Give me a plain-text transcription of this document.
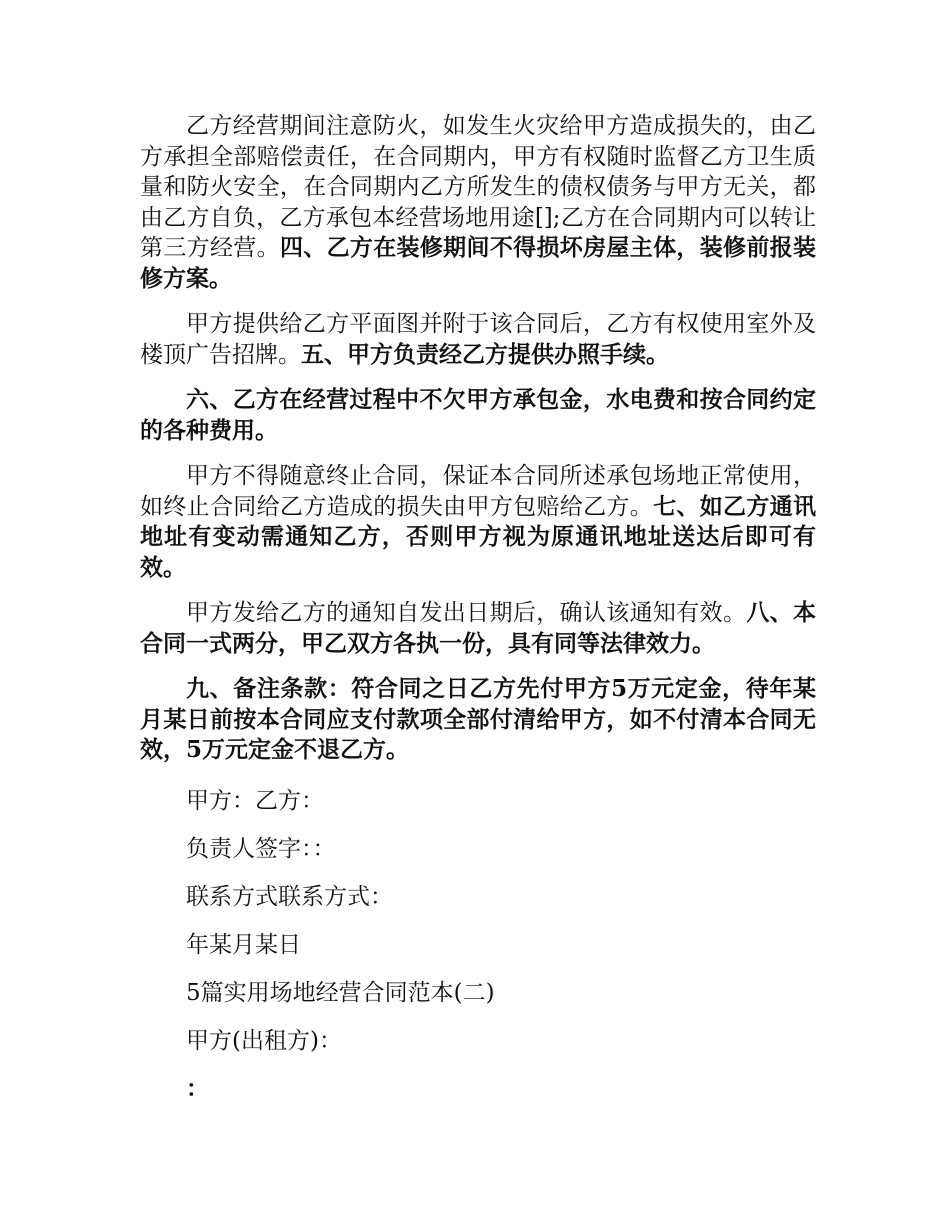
乙方经营期间注意防火，如发生火灾给甲方造成损失的，由乙方承担全部赔偿责任，在合同期内，甲方有权随时监督乙方卫生质量和防火安全，在合同期内乙方所发生的债权债务与甲方无关，都由乙方自负，乙方承包本经营场地用途[];乙方在合同期内可以转让第三方经营。四、乙方在装修期间不得损坏房屋主体，装修前报装修方案。

甲方提供给乙方平面图并附于该合同后，乙方有权使用室外及楼顶广告招牌。五、甲方负责经乙方提供办照手续。

六、乙方在经营过程中不欠甲方承包金，水电费和按合同约定的各种费用。

甲方不得随意终止合同，保证本合同所述承包场地正常使用，如终止合同给乙方造成的损失由甲方包赔给乙方。七、如乙方通讯地址有变动需通知乙方，否则甲方视为原通讯地址送达后即可有效。

甲方发给乙方的通知自发出日期后，确认该通知有效。八、本合同一式两分，甲乙双方各执一份，具有同等法律效力。

九、备注条款：符合同之日乙方先付甲方5万元定金，待年某月某日前按本合同应支付款项全部付清给甲方，如不付清本合同无效，5万元定金不退乙方。

甲方：乙方：
负责人签字：：
联系方式联系方式：
年某月某日
5篇实用场地经营合同范本(二)
甲方(出租方)：
：
